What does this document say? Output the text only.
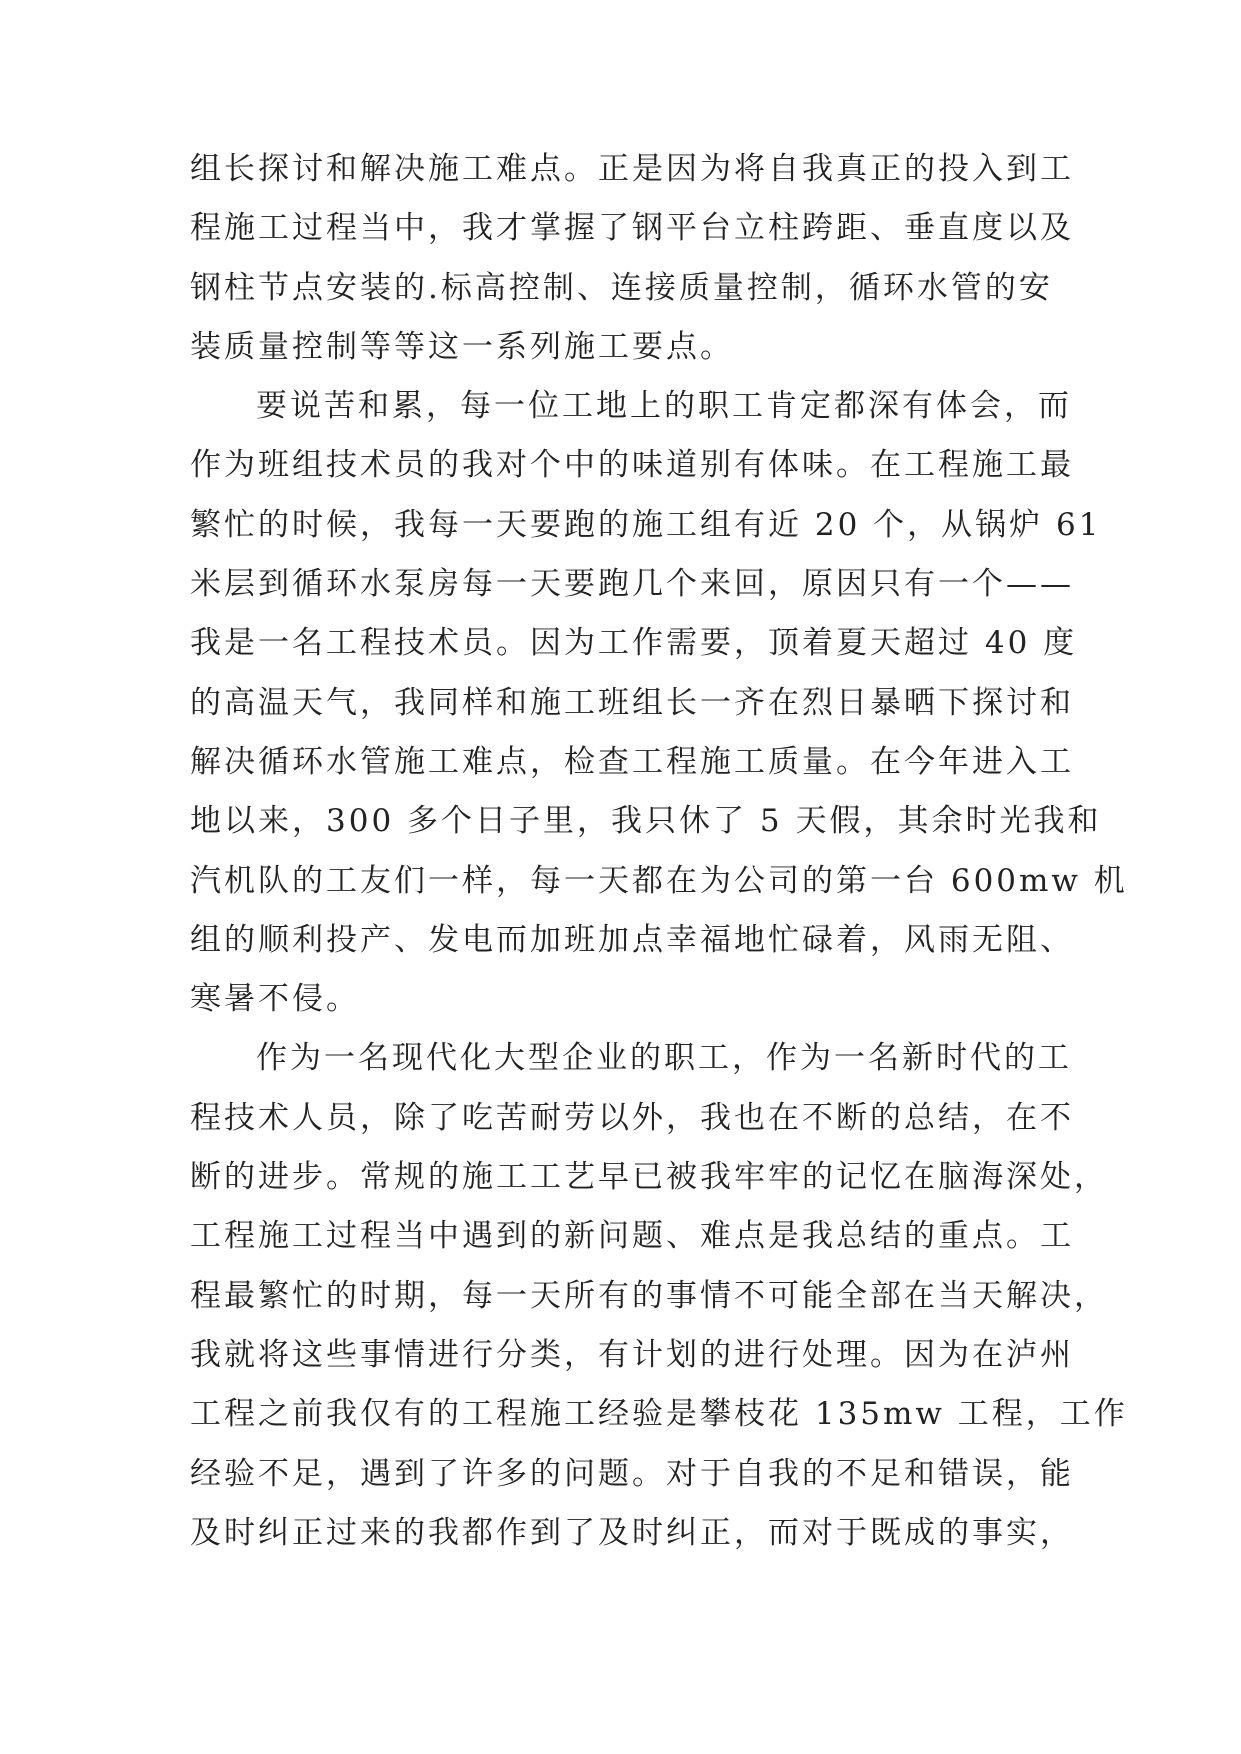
组长探讨和解决施工难点。正是因为将自我真正的投入到工
程施工过程当中，我才掌握了钢平台立柱跨距、垂直度以及
钢柱节点安装的.标高控制、连接质量控制，循环水管的安
装质量控制等等这一系列施工要点。
要说苦和累，每一位工地上的职工肯定都深有体会，而
作为班组技术员的我对个中的味道别有体味。在工程施工最
繁忙的时候，我每一天要跑的施工组有近 20 个，从锅炉 61
米层到循环水泵房每一天要跑几个来回，原因只有一个——
我是一名工程技术员。因为工作需要，顶着夏天超过 40 度
的高温天气，我同样和施工班组长一齐在烈日暴晒下探讨和
解决循环水管施工难点，检查工程施工质量。在今年进入工
地以来，300 多个日子里，我只休了 5 天假，其余时光我和
汽机队的工友们一样，每一天都在为公司的第一台 600mw 机
组的顺利投产、发电而加班加点幸福地忙碌着，风雨无阻、
寒暑不侵。
作为一名现代化大型企业的职工，作为一名新时代的工
程技术人员，除了吃苦耐劳以外，我也在不断的总结，在不
断的进步。常规的施工工艺早已被我牢牢的记忆在脑海深处，
工程施工过程当中遇到的新问题、难点是我总结的重点。工
程最繁忙的时期，每一天所有的事情不可能全部在当天解决，
我就将这些事情进行分类，有计划的进行处理。因为在泸州
工程之前我仅有的工程施工经验是攀枝花 135mw 工程，工作
经验不足，遇到了许多的问题。对于自我的不足和错误，能
及时纠正过来的我都作到了及时纠正，而对于既成的事实，
